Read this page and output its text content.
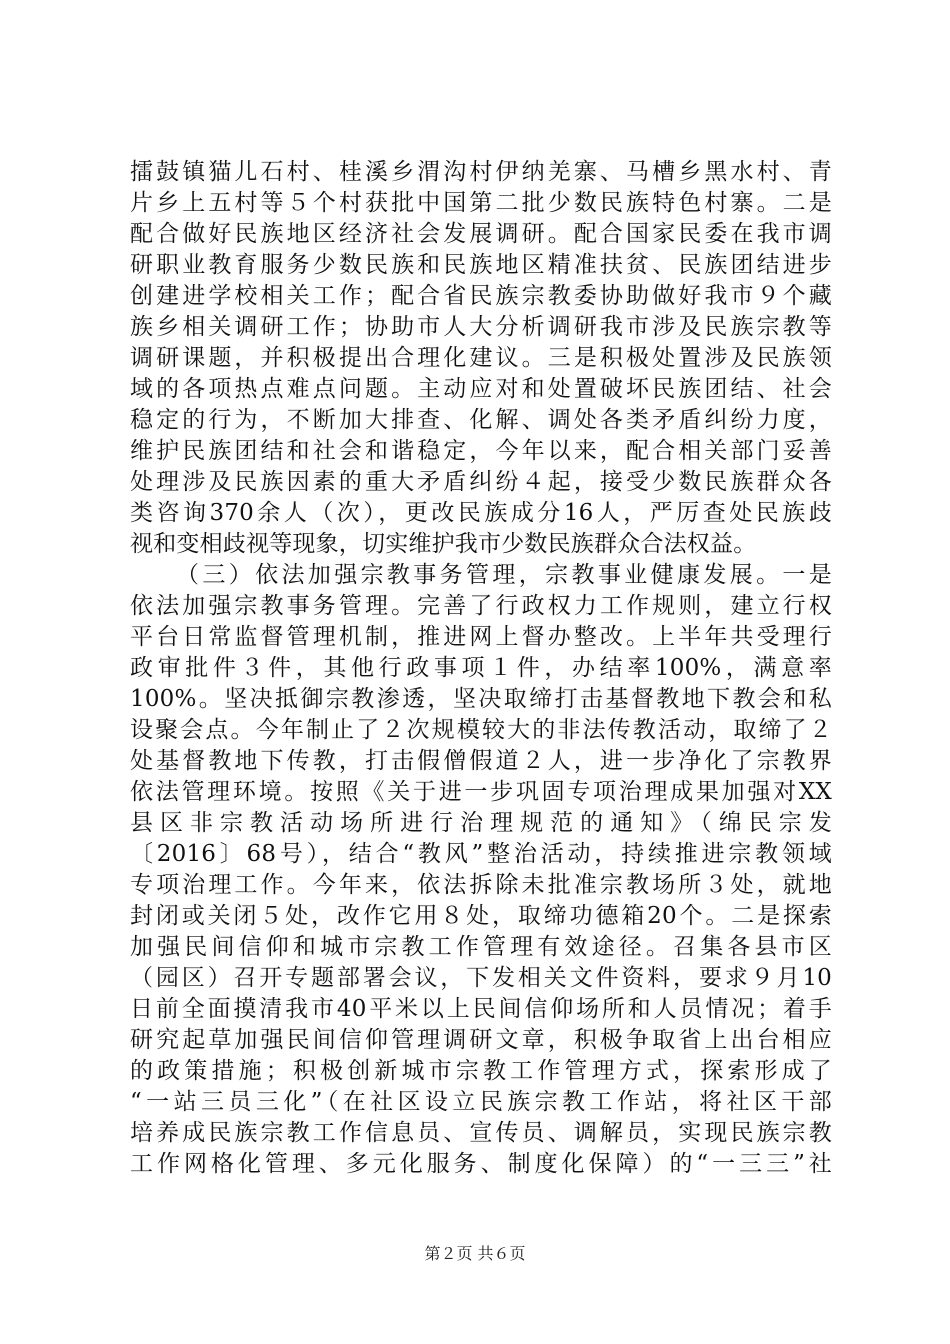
擂鼓镇猫儿石村、桂溪乡渭沟村伊纳羌寨、马槽乡黑水村、青
片乡上五村等５个村获批中国第二批少数民族特色村寨。二是
配合做好民族地区经济社会发展调研。配合国家民委在我市调
研职业教育服务少数民族和民族地区精准扶贫、民族团结进步
创建进学校相关工作；配合省民族宗教委协助做好我市９个藏
族乡相关调研工作；协助市人大分析调研我市涉及民族宗教等
调研课题，并积极提出合理化建议。三是积极处置涉及民族领
域的各项热点难点问题。主动应对和处置破坏民族团结、社会
稳定的行为，不断加大排查、化解、调处各类矛盾纠纷力度，
维护民族团结和社会和谐稳定，今年以来，配合相关部门妥善
处理涉及民族因素的重大矛盾纠纷４起，接受少数民族群众各
类咨询370余人（次），更改民族成分16人，严厉查处民族歧
视和变相歧视等现象，切实维护我市少数民族群众合法权益。
（三）依法加强宗教事务管理，宗教事业健康发展。一是
依法加强宗教事务管理。完善了行政权力工作规则，建立行权
平台日常监督管理机制，推进网上督办整改。上半年共受理行
政审批件３件，其他行政事项１件，办结率100%，满意率
100%。坚决抵御宗教渗透，坚决取缔打击基督教地下教会和私
设聚会点。今年制止了２次规模较大的非法传教活动，取缔了２
处基督教地下传教，打击假僧假道２人，进一步净化了宗教界
依法管理环境。按照《关于进一步巩固专项治理成果加强对XX
县区非宗教活动场所进行治理规范的通知》（绵民宗发
〔2016〕68号），结合“教风”整治活动，持续推进宗教领域
专项治理工作。今年来，依法拆除未批准宗教场所３处，就地
封闭或关闭５处，改作它用８处，取缔功德箱20个。二是探索
加强民间信仰和城市宗教工作管理有效途径。召集各县市区
（园区）召开专题部署会议，下发相关文件资料，要求９月10
日前全面摸清我市40平米以上民间信仰场所和人员情况；着手
研究起草加强民间信仰管理调研文章，积极争取省上出台相应
的政策措施；积极创新城市宗教工作管理方式，探索形成了
“一站三员三化”（在社区设立民族宗教工作站，将社区干部
培养成民族宗教工作信息员、宣传员、调解员，实现民族宗教
工作网格化管理、多元化服务、制度化保障）的“一三三”社
第２页 共６页
